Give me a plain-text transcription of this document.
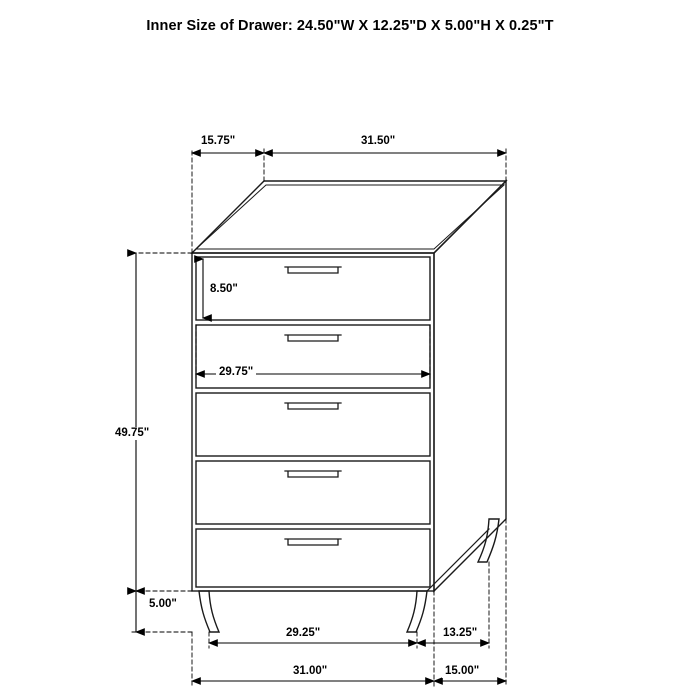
Inner Size of Drawer: 24.50"W X 12.25"D X 5.00"H X 0.25"T
15.75"	31.50"
8.50"
29.75"
49.75"
5.00"
29.25"	13.25"
31.00"	15.00"
